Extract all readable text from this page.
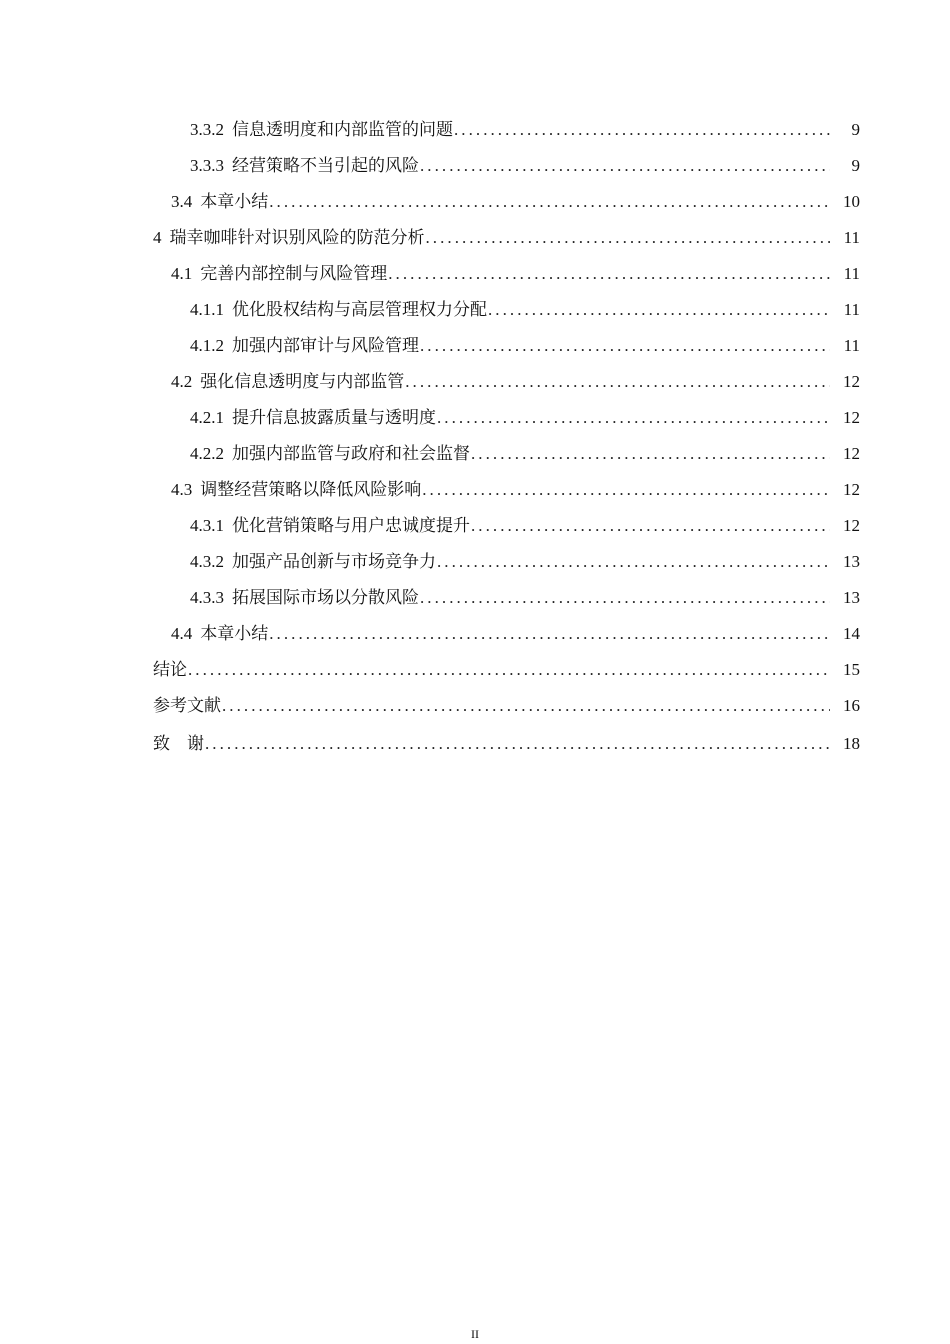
3.3.2 信息透明度和内部监管的问题 . . .	9
3.3.3 经营策略不当引起的风险 . . .	9
3.4 本章小结 . . .	10
4 瑞幸咖啡针对识别风险的防范分析 . . .	11
4.1 完善内部控制与风险管理 . . .	11
4.1.1 优化股权结构与高层管理权力分配 . . .	11
4.1.2 加强内部审计与风险管理 . . .	11
4.2 强化信息透明度与内部监管 . . .	12
4.2.1 提升信息披露质量与透明度 . . .	12
4.2.2 加强内部监管与政府和社会监督 . . .	12
4.3 调整经营策略以降低风险影响 . . .	12
4.3.1 优化营销策略与用户忠诚度提升 . . .	12
4.3.2 加强产品创新与市场竞争力 . . .	13
4.3.3 拓展国际市场以分散风险 . . .	13
4.4 本章小结 . . .	14
结论 . . .	15
参考文献 . . .	16
致　谢 . . .	18
II
